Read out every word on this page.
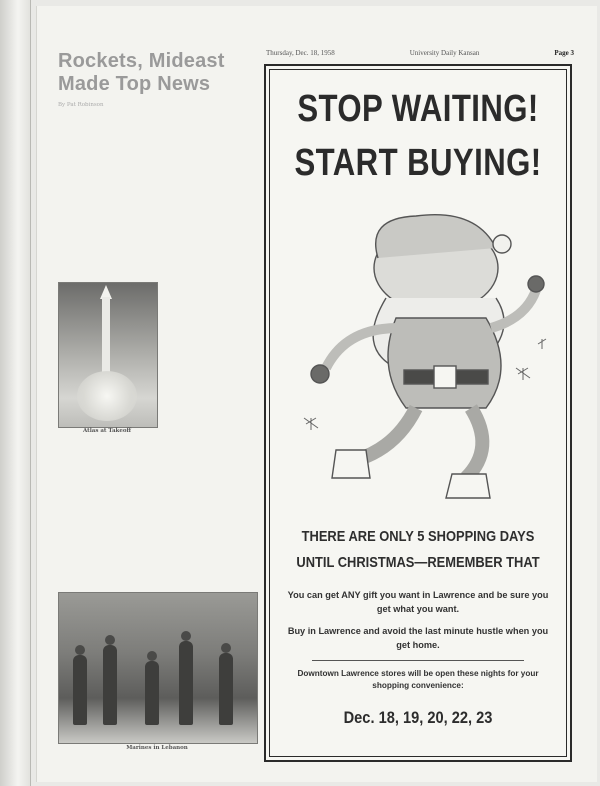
Thursday, Dec. 18, 1958	University Daily Kansan	Page 3
Rockets, Mideast
Made Top News
By Pat Robinson
Atlas at Takeoff
Marines in Lebanon
STOP WAITING!
START BUYING!
THERE ARE ONLY 5 SHOPPING DAYS
UNTIL CHRISTMAS—REMEMBER THAT
You can get ANY gift you want in Lawrence and be sure you get what you want.
Buy in Lawrence and avoid the last minute hustle when you get home.
Downtown Lawrence stores will be open these nights for your shopping convenience:
Dec. 18, 19, 20, 22, 23
